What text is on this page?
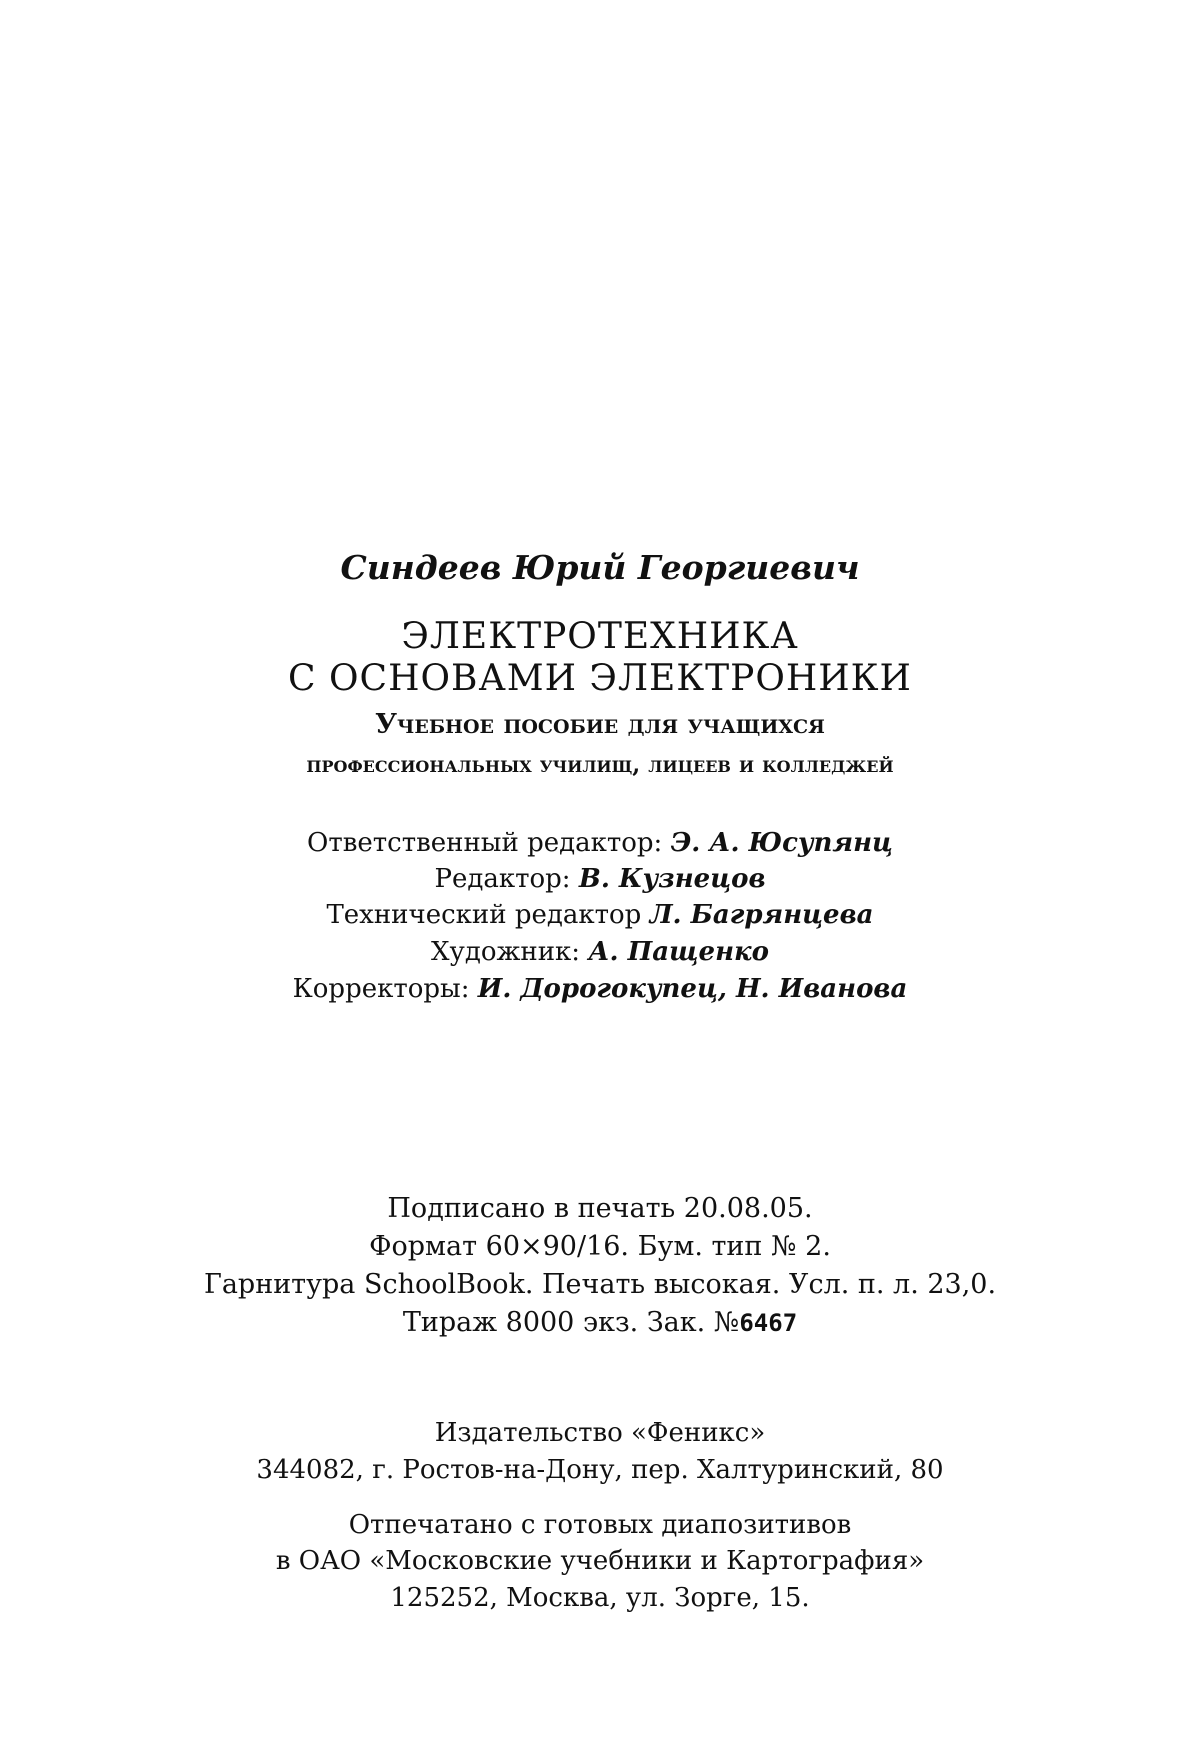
Синдеев Юрий Георгиевич
ЭЛЕКТРОТЕХНИКА
С ОСНОВАМИ ЭЛЕКТРОНИКИ
Учебное пособие для учащихся
профессиональных училищ, лицеев и колледжей
Ответственный редактор: Э. А. Юсупянц
Редактор: В. Кузнецов
Технический редактор Л. Багрянцева
Художник: А. Пащенко
Корректоры: И. Дорогокупец, Н. Иванова
Подписано в печать 20.08.05.
Формат 60×90/16. Бум. тип № 2.
Гарнитура SchoolBook. Печать высокая. Усл. п. л. 23,0.
Тираж 8000 экз. Зак. №6467
Издательство «Феникс»
344082, г. Ростов-на-Дону, пер. Халтуринский, 80
Отпечатано с готовых диапозитивов
в ОАО «Московские учебники и Картография»
125252, Москва, ул. Зорге, 15.
